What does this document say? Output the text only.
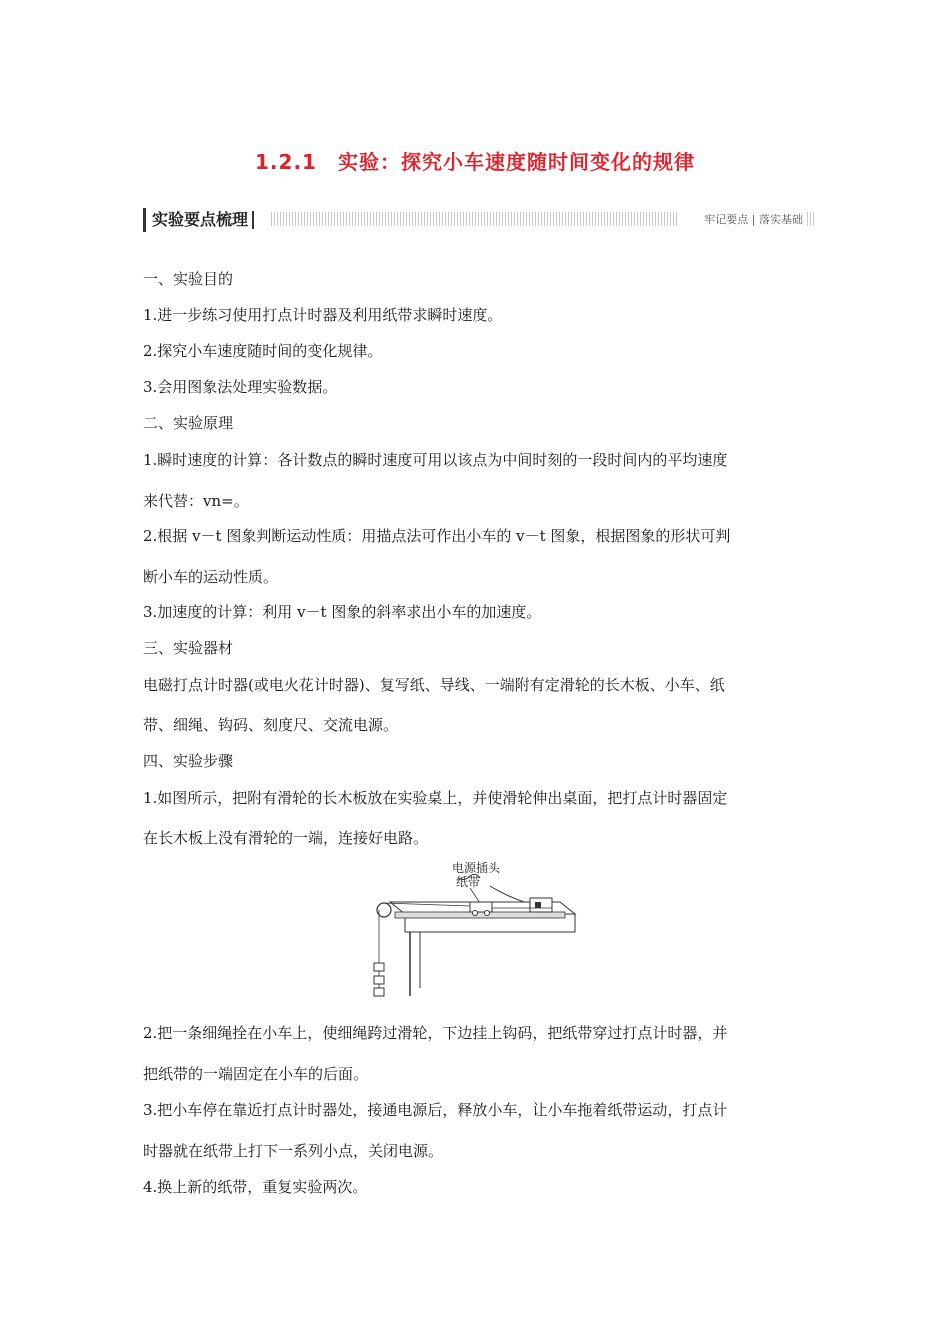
1.2.1　实验：探究小车速度随时间变化的规律
实验要点梳理	牢记要点 | 落实基础
一、实验目的
1.进一步练习使用打点计时器及利用纸带求瞬时速度。
2.探究小车速度随时间的变化规律。
3.会用图象法处理实验数据。
二、实验原理
1.瞬时速度的计算：各计数点的瞬时速度可用以该点为中间时刻的一段时间内的平均速度
来代替：vn=。
2.根据 v－t 图象判断运动性质：用描点法可作出小车的 v－t 图象，根据图象的形状可判
断小车的运动性质。
3.加速度的计算：利用 v－t 图象的斜率求出小车的加速度。
三、实验器材
电磁打点计时器(或电火花计时器)、复写纸、导线、一端附有定滑轮的长木板、小车、纸
带、细绳、钩码、刻度尺、交流电源。
四、实验步骤
1.如图所示，把附有滑轮的长木板放在实验桌上，并使滑轮伸出桌面，把打点计时器固定
在长木板上没有滑轮的一端，连接好电路。
2.把一条细绳拴在小车上，使细绳跨过滑轮，下边挂上钩码，把纸带穿过打点计时器，并
把纸带的一端固定在小车的后面。
3.把小车停在靠近打点计时器处，接通电源后，释放小车，让小车拖着纸带运动，打点计
时器就在纸带上打下一系列小点，关闭电源。
4.换上新的纸带，重复实验两次。
电源插头
纸带
